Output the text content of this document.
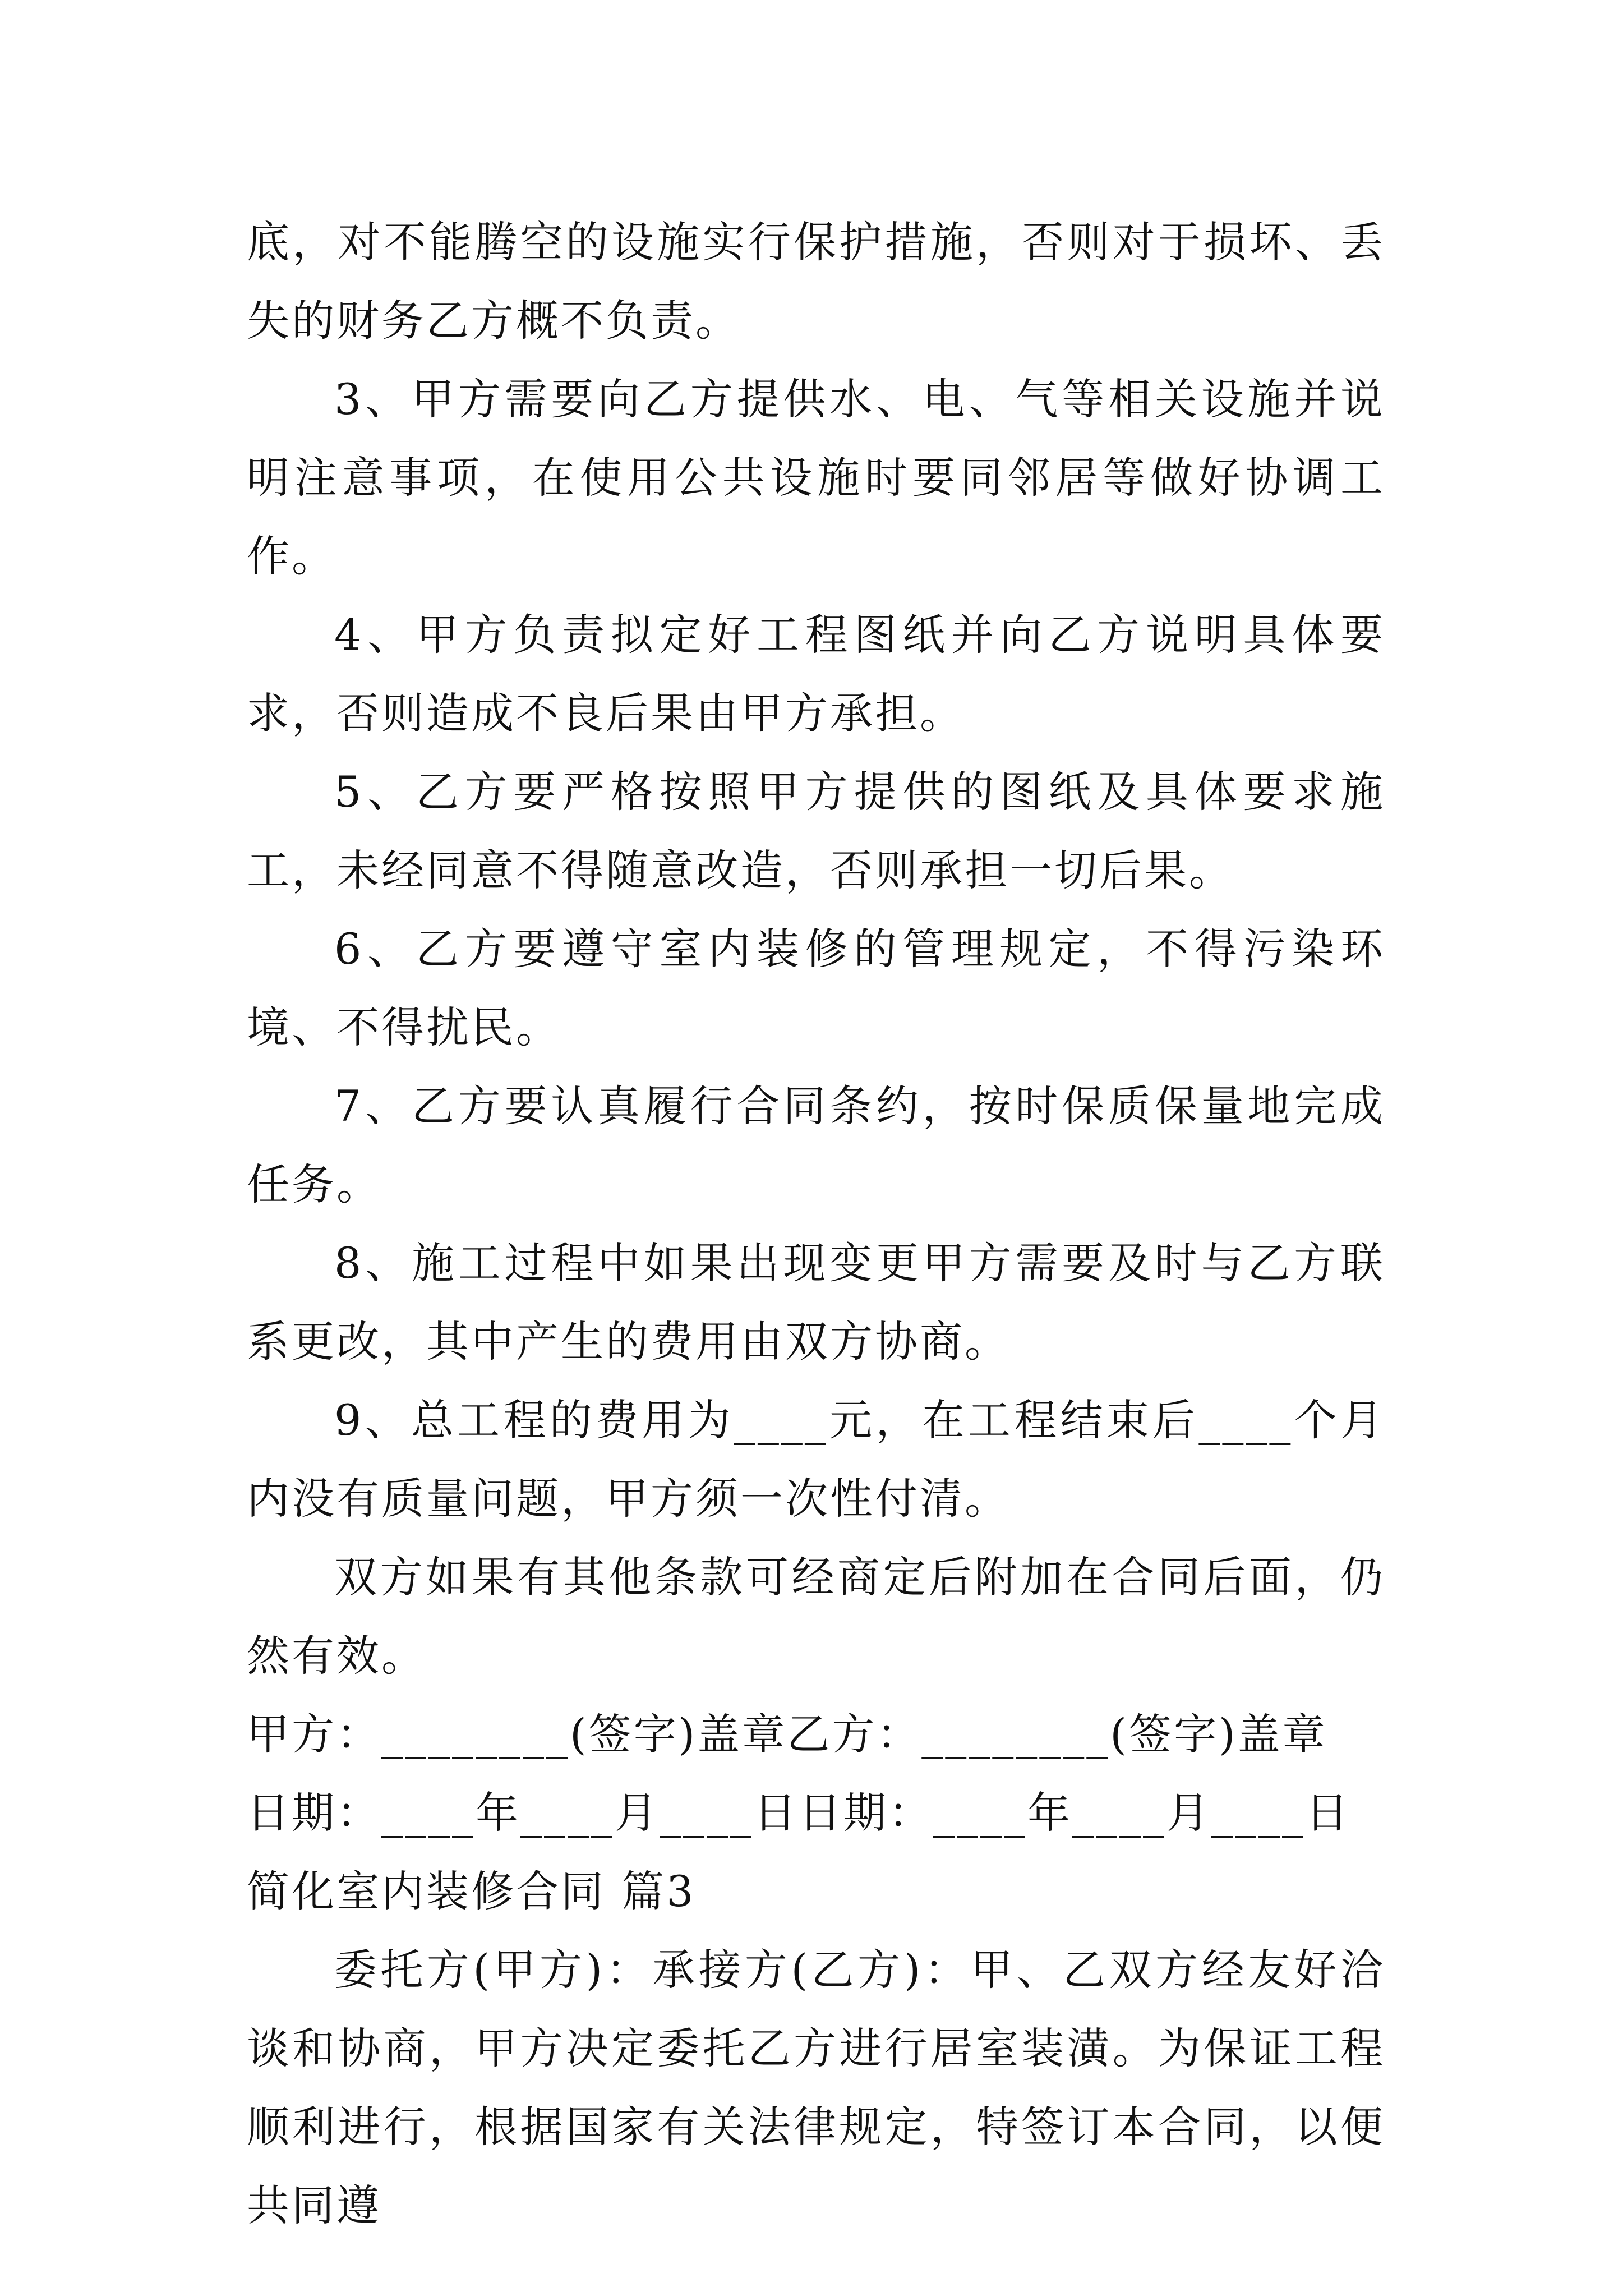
底，对不能腾空的设施实行保护措施，否则对于损坏、丢失的财务乙方概不负责。

3、甲方需要向乙方提供水、电、气等相关设施并说明注意事项，在使用公共设施时要同邻居等做好协调工作。

4、甲方负责拟定好工程图纸并向乙方说明具体要求，否则造成不良后果由甲方承担。

5、乙方要严格按照甲方提供的图纸及具体要求施工，未经同意不得随意改造，否则承担一切后果。

6、乙方要遵守室内装修的管理规定，不得污染环境、不得扰民。

7、乙方要认真履行合同条约，按时保质保量地完成任务。

8、施工过程中如果出现变更甲方需要及时与乙方联系更改，其中产生的费用由双方协商。

9、总工程的费用为____元，在工程结束后____个月内没有质量问题，甲方须一次性付清。

双方如果有其他条款可经商定后附加在合同后面，仍然有效。

甲方：________(签字)盖章乙方：________(签字)盖章

日期：____年____月____日日期：____年____月____日

简化室内装修合同 篇3

委托方(甲方)：承接方(乙方)：甲、乙双方经友好洽谈和协商，甲方决定委托乙方进行居室装潢。为保证工程顺利进行，根据国家有关法律规定，特签订本合同，以便共同遵
